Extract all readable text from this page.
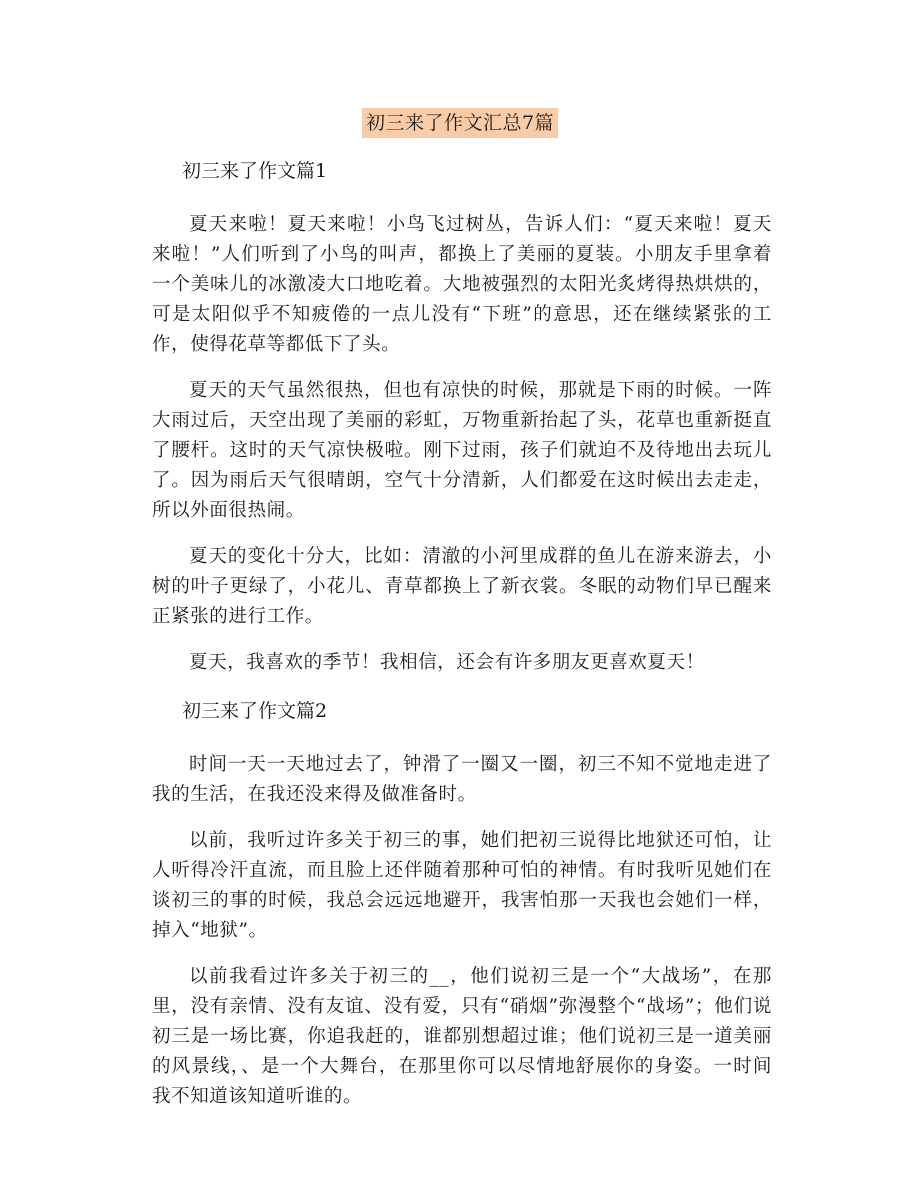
初三来了作文汇总7篇
初三来了作文篇1

夏天来啦！夏天来啦！小鸟飞过树丛，告诉人们：“夏天来啦！夏天来啦！”人们听到了小鸟的叫声，都换上了美丽的夏装。小朋友手里拿着一个美味儿的冰激凌大口地吃着。大地被强烈的太阳光炙烤得热烘烘的，可是太阳似乎不知疲倦的一点儿没有“下班”的意思，还在继续紧张的工作，使得花草等都低下了头。

夏天的天气虽然很热，但也有凉快的时候，那就是下雨的时候。一阵大雨过后，天空出现了美丽的彩虹，万物重新抬起了头，花草也重新挺直了腰杆。这时的天气凉快极啦。刚下过雨，孩子们就迫不及待地出去玩儿了。因为雨后天气很晴朗，空气十分清新，人们都爱在这时候出去走走，所以外面很热闹。

夏天的变化十分大，比如：清澈的小河里成群的鱼儿在游来游去，小树的叶子更绿了，小花儿、青草都换上了新衣裳。冬眠的动物们早已醒来正紧张的进行工作。

夏天，我喜欢的季节！我相信，还会有许多朋友更喜欢夏天！

初三来了作文篇2

时间一天一天地过去了，钟滑了一圈又一圈，初三不知不觉地走进了我的生活，在我还没来得及做准备时。

以前，我听过许多关于初三的事，她们把初三说得比地狱还可怕，让人听得冷汗直流，而且脸上还伴随着那种可怕的神情。有时我听见她们在谈初三的事的时候，我总会远远地避开，我害怕那一天我也会她们一样，掉入“地狱”。

以前我看过许多关于初三的__，他们说初三是一个“大战场”，在那里，没有亲情、没有友谊、没有爱，只有“硝烟”弥漫整个“战场”；他们说初三是一场比赛，你追我赶的，谁都别想超过谁；他们说初三是一道美丽的风景线，、是一个大舞台，在那里你可以尽情地舒展你的身姿。一时间我不知道该知道听谁的。
